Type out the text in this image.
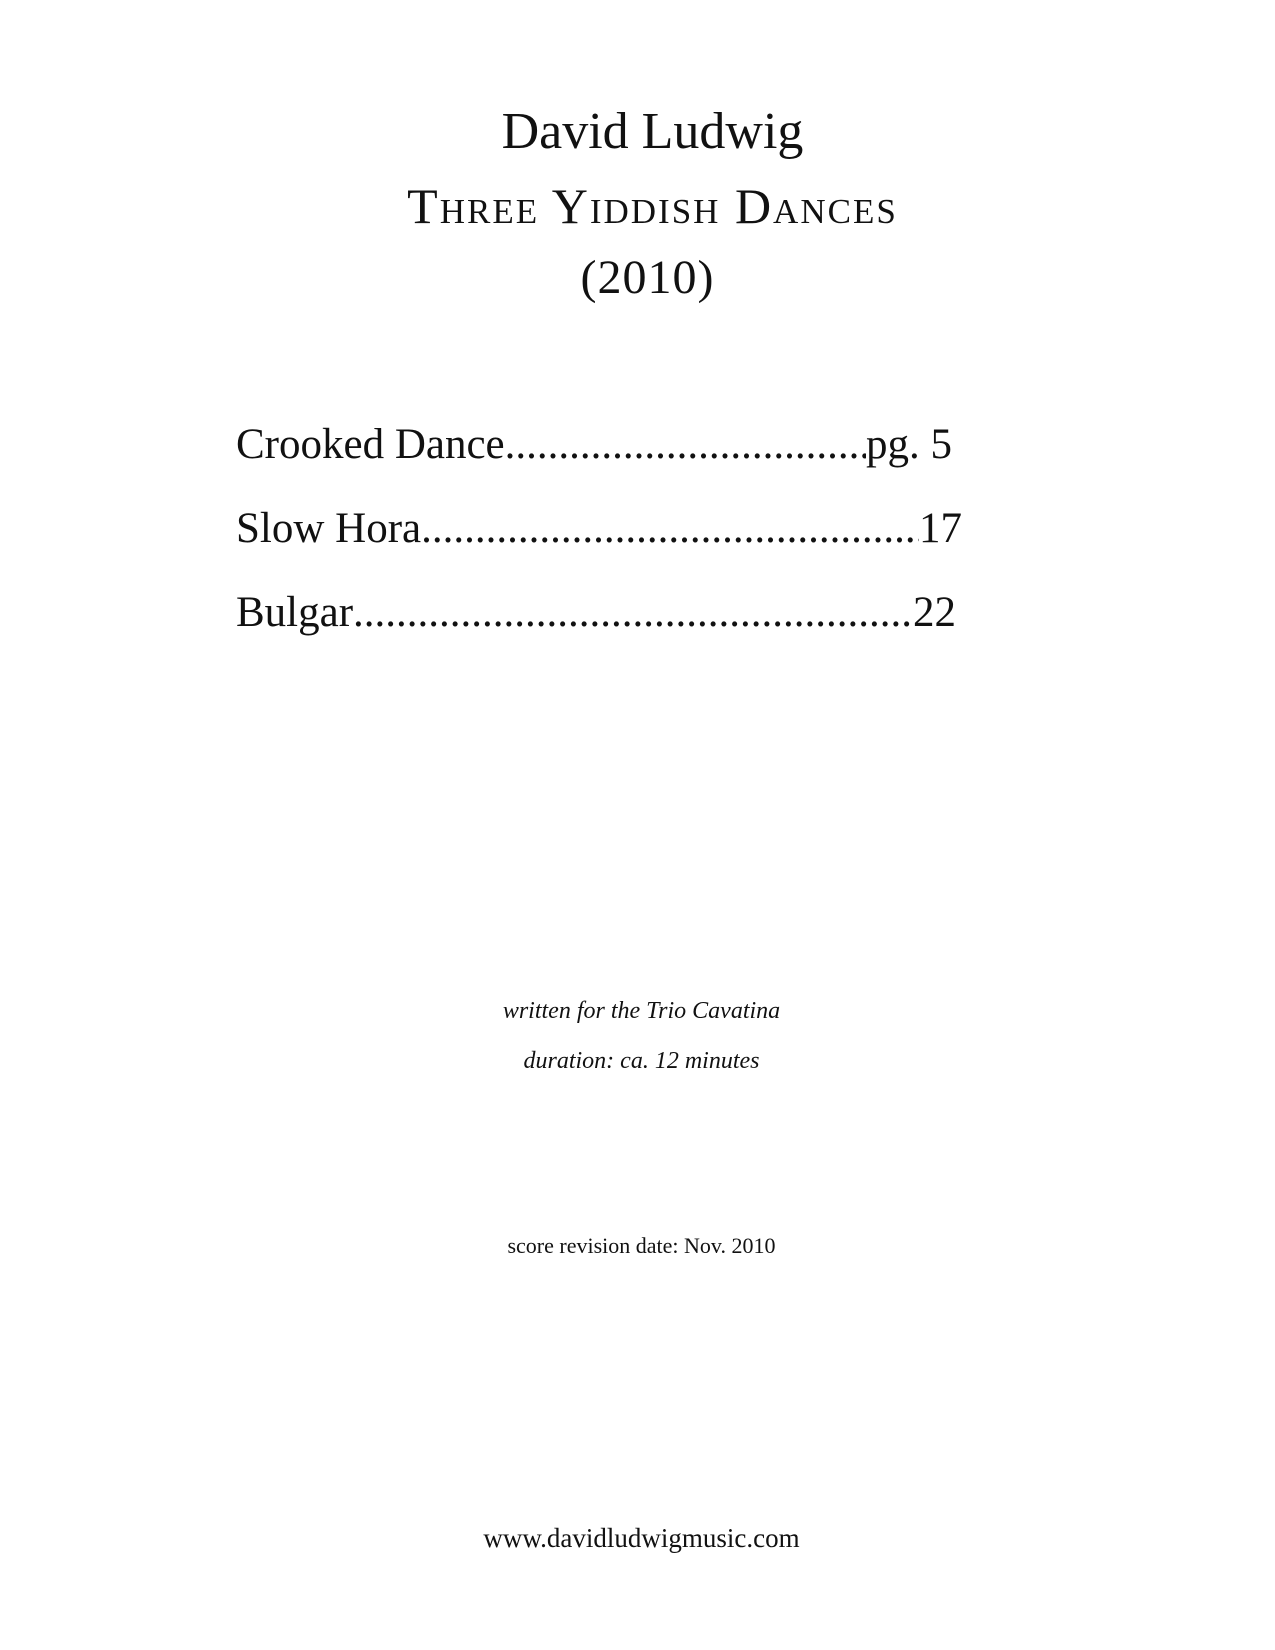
David Ludwig
Three Yiddish Dances
(2010)
Crooked Dance .....	pg. 5
Slow Hora .....	17
Bulgar .....	22
written for the Trio Cavatina
duration: ca. 12 minutes
score revision date: Nov. 2010
www.davidludwigmusic.com
